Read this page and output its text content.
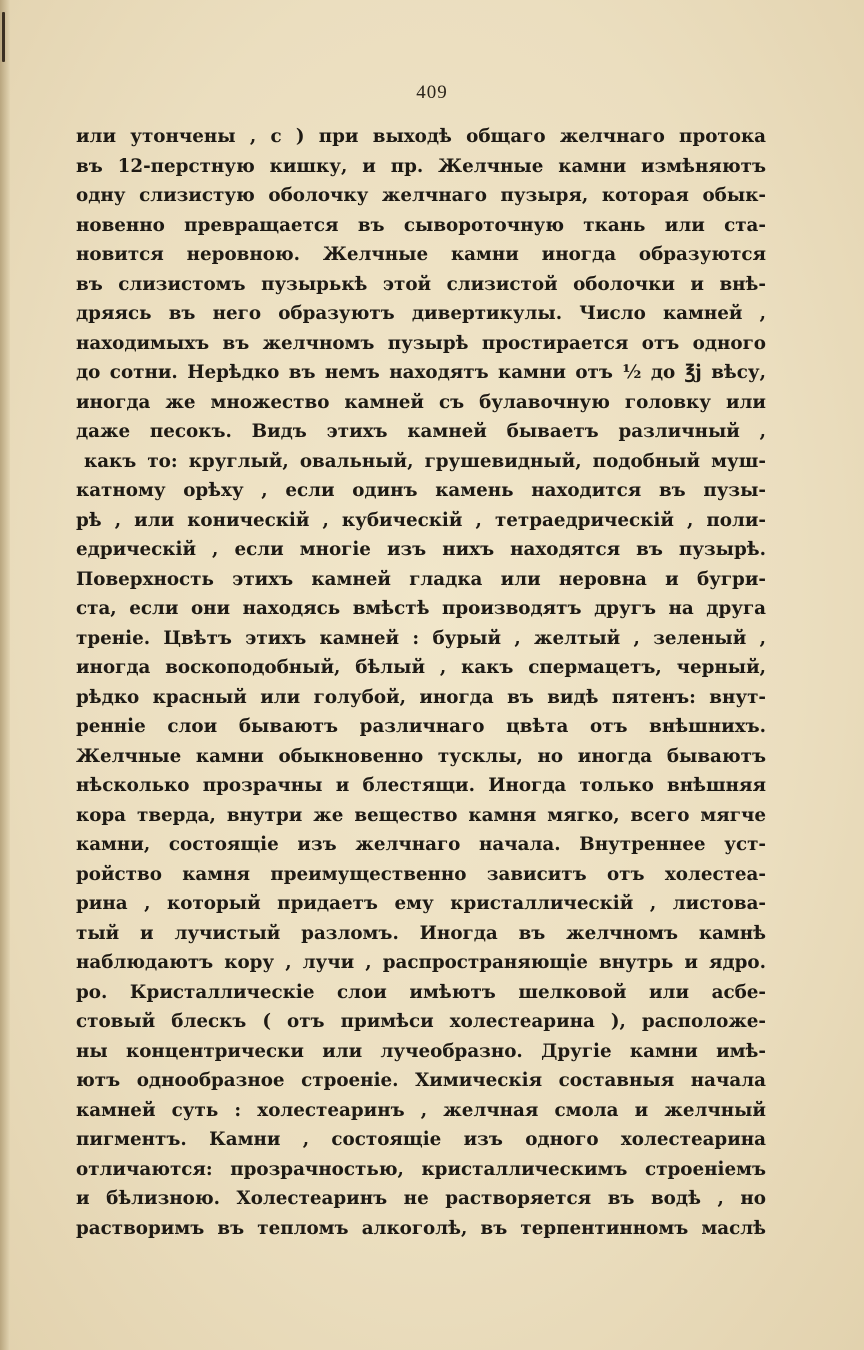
409
или утончены , с ) при выходѣ общаго желчнаго протока
въ 12-перстную кишку, и пр. Желчные камни измѣняютъ
одну слизистую оболочку желчнаго пузыря, которая обык-
новенно превращается въ сывороточную ткань или ста-
новится неровною. Желчные камни иногда образуются
въ слизистомъ пузырькѣ этой слизистой оболочки и внѣ-
дряясь въ него образуютъ дивертикулы. Число камней ,
находимыхъ въ желчномъ пузырѣ простирается отъ одного
до сотни. Нерѣдко въ немъ находятъ камни отъ ½ до ℥j вѣсу,
иногда же множество камней съ булавочную головку или
даже песокъ. Видъ этихъ камней бываетъ различный ,
какъ то: круглый, овальный, грушевидный, подобный муш-
катному орѣху , если одинъ камень находится въ пузы-
рѣ , или коническій , кубическій , тетраедрическій , поли-
едрическій , если многіе изъ нихъ находятся въ пузырѣ.
Поверхность этихъ камней гладка или неровна и бугри-
ста, если они находясь вмѣстѣ производятъ другъ на друга
треніе. Цвѣтъ этихъ камней : бурый , желтый , зеленый ,
иногда воскоподобный, бѣлый , какъ спермацетъ, черный,
рѣдко красный или голубой, иногда въ видѣ пятенъ: внут-
ренніе слои бываютъ различнаго цвѣта отъ внѣшнихъ.
Желчные камни обыкновенно тусклы, но иногда бываютъ
нѣсколько прозрачны и блестящи. Иногда только внѣшняя
кора тверда, внутри же вещество камня мягко, всего мягче
камни, состоящіе изъ желчнаго начала. Внутреннее уст-
ройство камня преимущественно зависитъ отъ холестеа-
рина , который придаетъ ему кристаллическій , листова-
тый и лучистый разломъ. Иногда въ желчномъ камнѣ
наблюдаютъ кору , лучи , распространяющіе внутрь и ядро.
ро. Кристаллическіе слои имѣютъ шелковой или асбе-
стовый блескъ ( отъ примѣси холестеарина ), расположе-
ны концентрически или лучеобразно. Другіе камни имѣ-
ютъ однообразное строеніе. Химическія составныя начала
камней суть : холестеаринъ , желчная смола и желчный
пигментъ. Камни , состоящіе изъ одного холестеарина
отличаются: прозрачностью, кристаллическимъ строеніемъ
и бѣлизною. Холестеаринъ не растворяется въ водѣ , но
растворимъ въ тепломъ алкоголѣ, въ терпентинномъ маслѣ
